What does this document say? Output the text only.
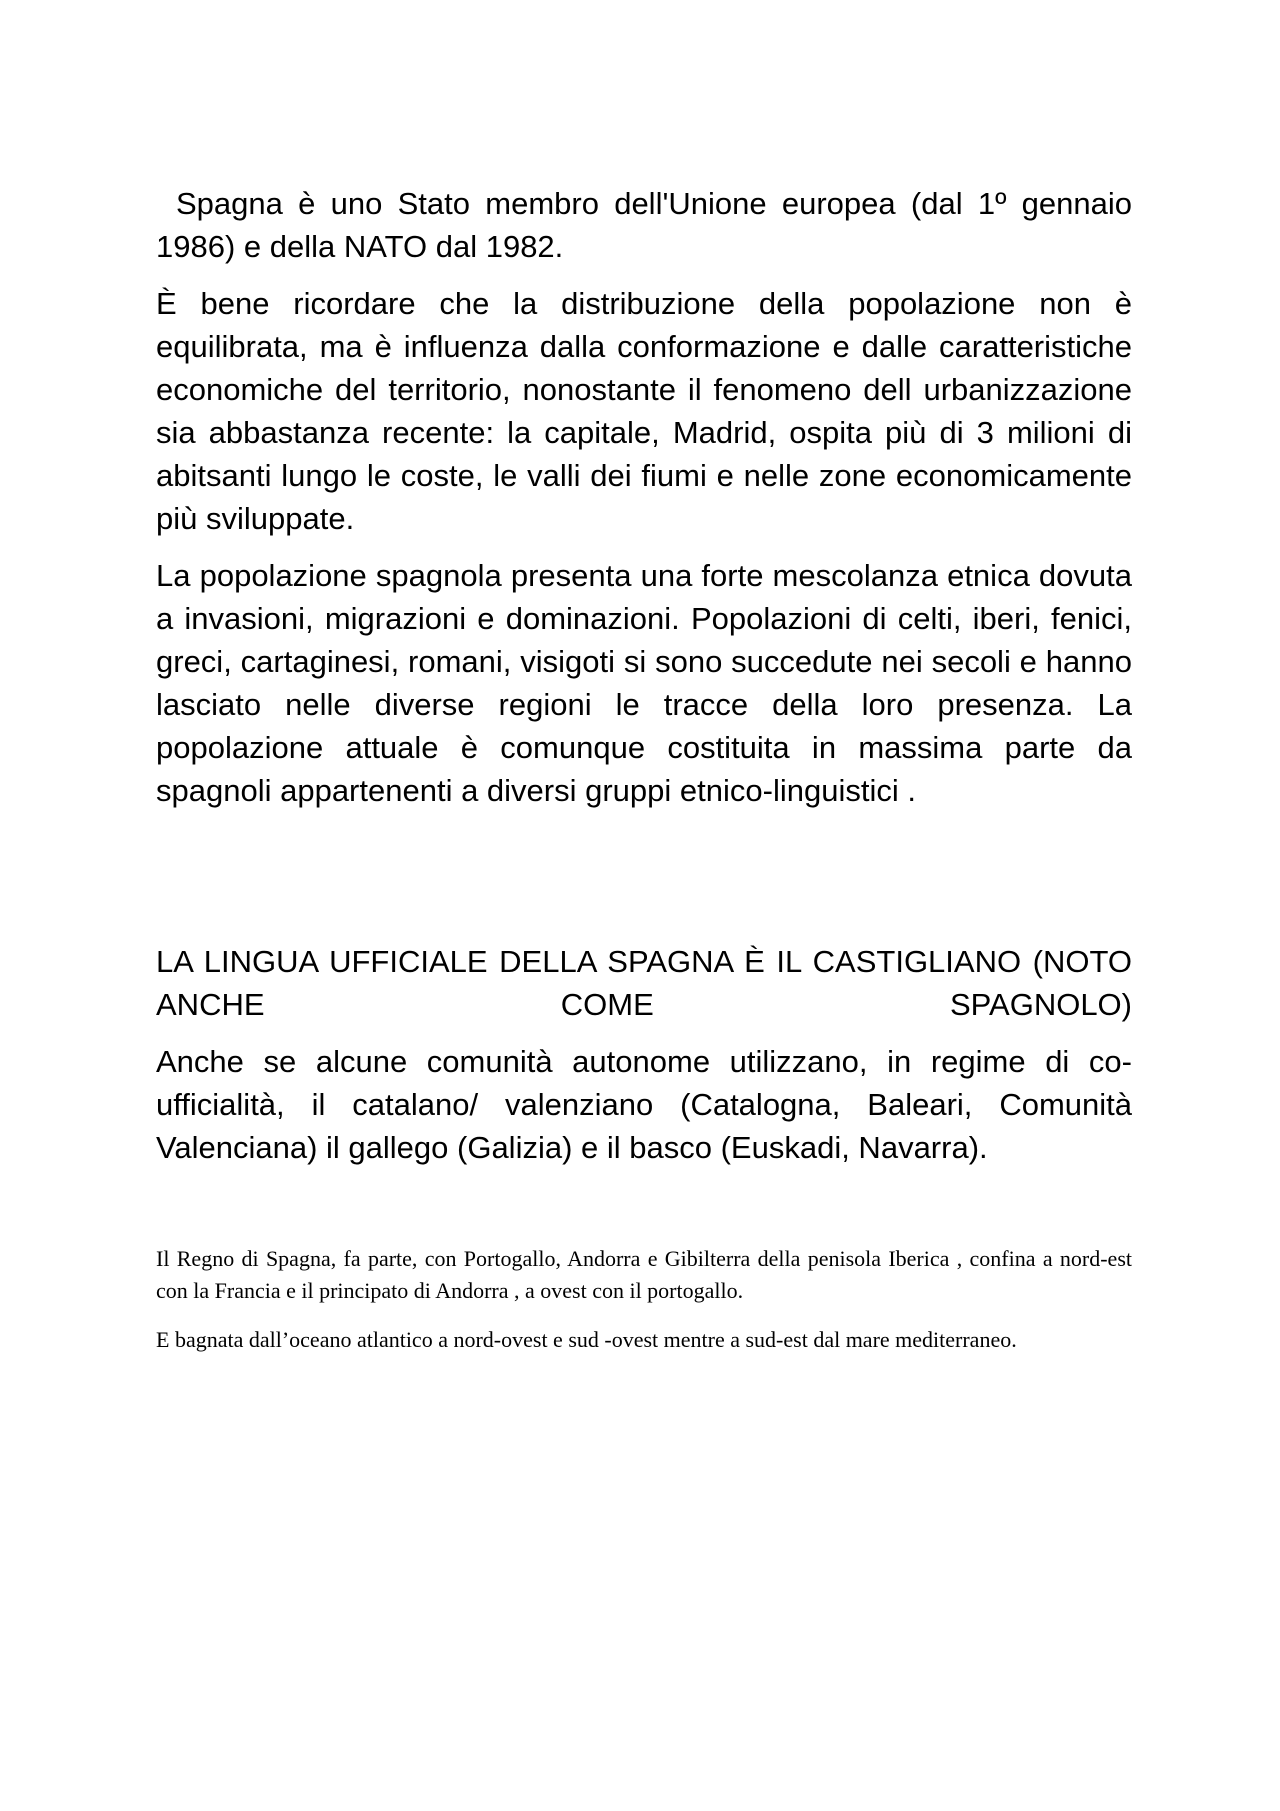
Spagna è uno Stato membro dell'Unione europea (dal 1º gennaio 1986) e della NATO dal 1982.

È bene ricordare che la distribuzione della popolazione non è equilibrata, ma è influenza dalla conformazione e dalle caratteristiche economiche del territorio, nonostante il fenomeno dell urbanizzazione sia abbastanza recente: la capitale, Madrid, ospita più di 3 milioni di abitsanti lungo le coste, le valli dei fiumi e nelle zone economicamente più sviluppate.

La popolazione spagnola presenta una forte mescolanza etnica dovuta a invasioni, migrazioni e dominazioni. Popolazioni di celti, iberi, fenici, greci, cartaginesi, romani, visigoti si sono succedute nei secoli e hanno lasciato nelle diverse regioni le tracce della loro presenza. La popolazione attuale è comunque costituita in massima parte da spagnoli appartenenti a diversi gruppi etnico-linguistici .

LA LINGUA UFFICIALE DELLA SPAGNA È IL CASTIGLIANO (NOTO ANCHE COME SPAGNOLO)

Anche se alcune comunità autonome utilizzano, in regime di co-ufficialità, il catalano/ valenziano (Catalogna, Baleari, Comunità Valenciana) il gallego (Galizia) e il basco (Euskadi, Navarra).

Il Regno di Spagna, fa parte, con Portogallo, Andorra e Gibilterra della penisola Iberica , confina a nord-est con la Francia e il principato di Andorra , a ovest con il portogallo.

E bagnata dall’oceano atlantico a nord-ovest e sud -ovest mentre a sud-est dal mare mediterraneo.
